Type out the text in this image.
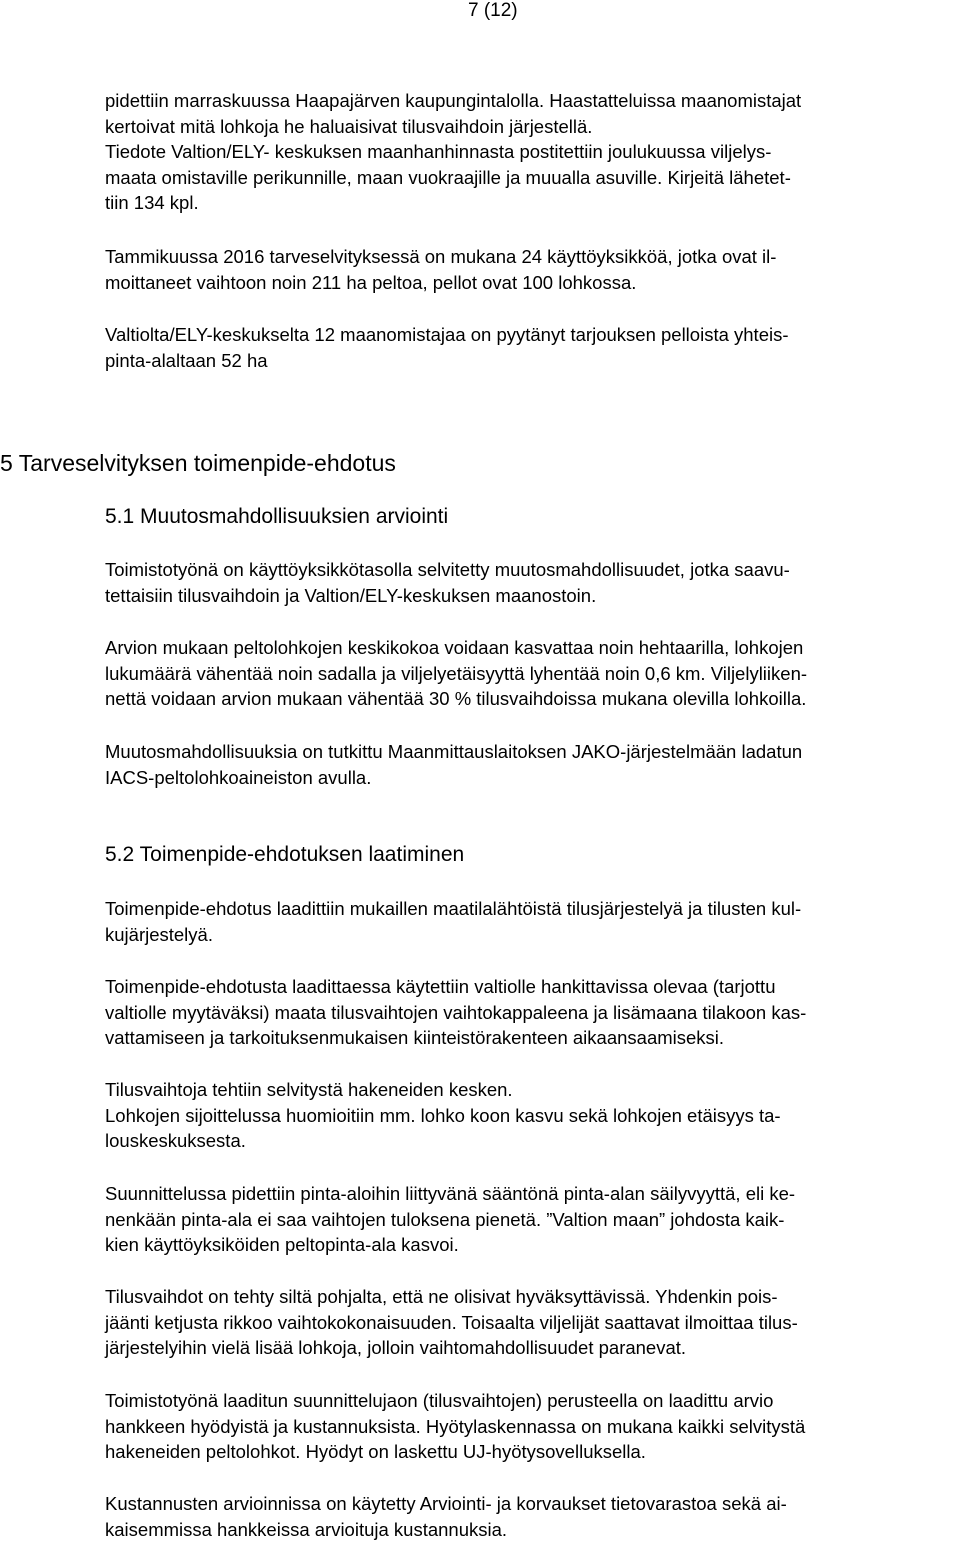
7 (12)

pidettiin marraskuussa Haapajärven kaupungintalolla. Haastatteluissa maanomistajat
kertoivat mitä lohkoja he haluaisivat tilusvaihdoin järjestellä.
Tiedote Valtion/ELY- keskuksen maanhanhinnasta postitettiin joulukuussa viljelys-
maata omistaville perikunnille, maan vuokraajille ja muualla asuville. Kirjeitä lähetet-
tiin 134 kpl.

Tammikuussa 2016 tarveselvityksessä on mukana 24 käyttöyksikköä, jotka ovat il-
moittaneet vaihtoon noin 211 ha peltoa, pellot ovat 100 lohkossa.

Valtiolta/ELY-keskukselta 12 maanomistajaa on pyytänyt tarjouksen pelloista yhteis-
pinta-alaltaan 52 ha

5 Tarveselvityksen toimenpide-ehdotus
5.1 Muutosmahdollisuuksien arviointi

Toimistotyönä on käyttöyksikkötasolla selvitetty muutosmahdollisuudet, jotka saavu-
tettaisiin tilusvaihdoin ja Valtion/ELY-keskuksen maanostoin.

Arvion mukaan peltolohkojen keskikokoa voidaan kasvattaa noin hehtaarilla, lohkojen
lukumäärä vähentää noin sadalla ja viljelyetäisyyttä lyhentää noin 0,6 km. Viljelyliiken-
nettä voidaan arvion mukaan vähentää 30 % tilusvaihdoissa mukana olevilla lohkoilla.

Muutosmahdollisuuksia on tutkittu Maanmittauslaitoksen JAKO-järjestelmään ladatun
IACS-peltolohkoaineiston avulla.

5.2 Toimenpide-ehdotuksen laatiminen

Toimenpide-ehdotus laadittiin mukaillen maatilalähtöistä tilusjärjestelyä ja tilusten kul-
kujärjestelyä.

Toimenpide-ehdotusta laadittaessa käytettiin valtiolle hankittavissa olevaa (tarjottu
valtiolle myytäväksi) maata tilusvaihtojen vaihtokappaleena ja lisämaana tilakoon kas-
vattamiseen ja tarkoituksenmukaisen kiinteistörakenteen aikaansaamiseksi.

Tilusvaihtoja tehtiin selvitystä hakeneiden kesken.
Lohkojen sijoittelussa huomioitiin mm. lohko koon kasvu sekä lohkojen etäisyys ta-
louskeskuksesta.

Suunnittelussa pidettiin pinta-aloihin liittyvänä sääntönä pinta-alan säilyvyyttä, eli ke-
nenkään pinta-ala ei saa vaihtojen tuloksena pienetä. ”Valtion maan” johdosta kaik-
kien käyttöyksiköiden peltopinta-ala kasvoi.

Tilusvaihdot on tehty siltä pohjalta, että ne olisivat hyväksyttävissä. Yhdenkin pois-
jäänti ketjusta rikkoo vaihtokokonaisuuden. Toisaalta viljelijät saattavat ilmoittaa tilus-
järjestelyihin vielä lisää lohkoja, jolloin vaihtomahdollisuudet paranevat.

Toimistotyönä laaditun suunnittelujaon (tilusvaihtojen) perusteella on laadittu arvio
hankkeen hyödyistä ja kustannuksista. Hyötylaskennassa on mukana kaikki selvitystä
hakeneiden peltolohkot. Hyödyt on laskettu UJ-hyötysovelluksella.

Kustannusten arvioinnissa on käytetty Arviointi- ja korvaukset tietovarastoa sekä ai-
kaisemmissa hankkeissa arvioituja kustannuksia.
